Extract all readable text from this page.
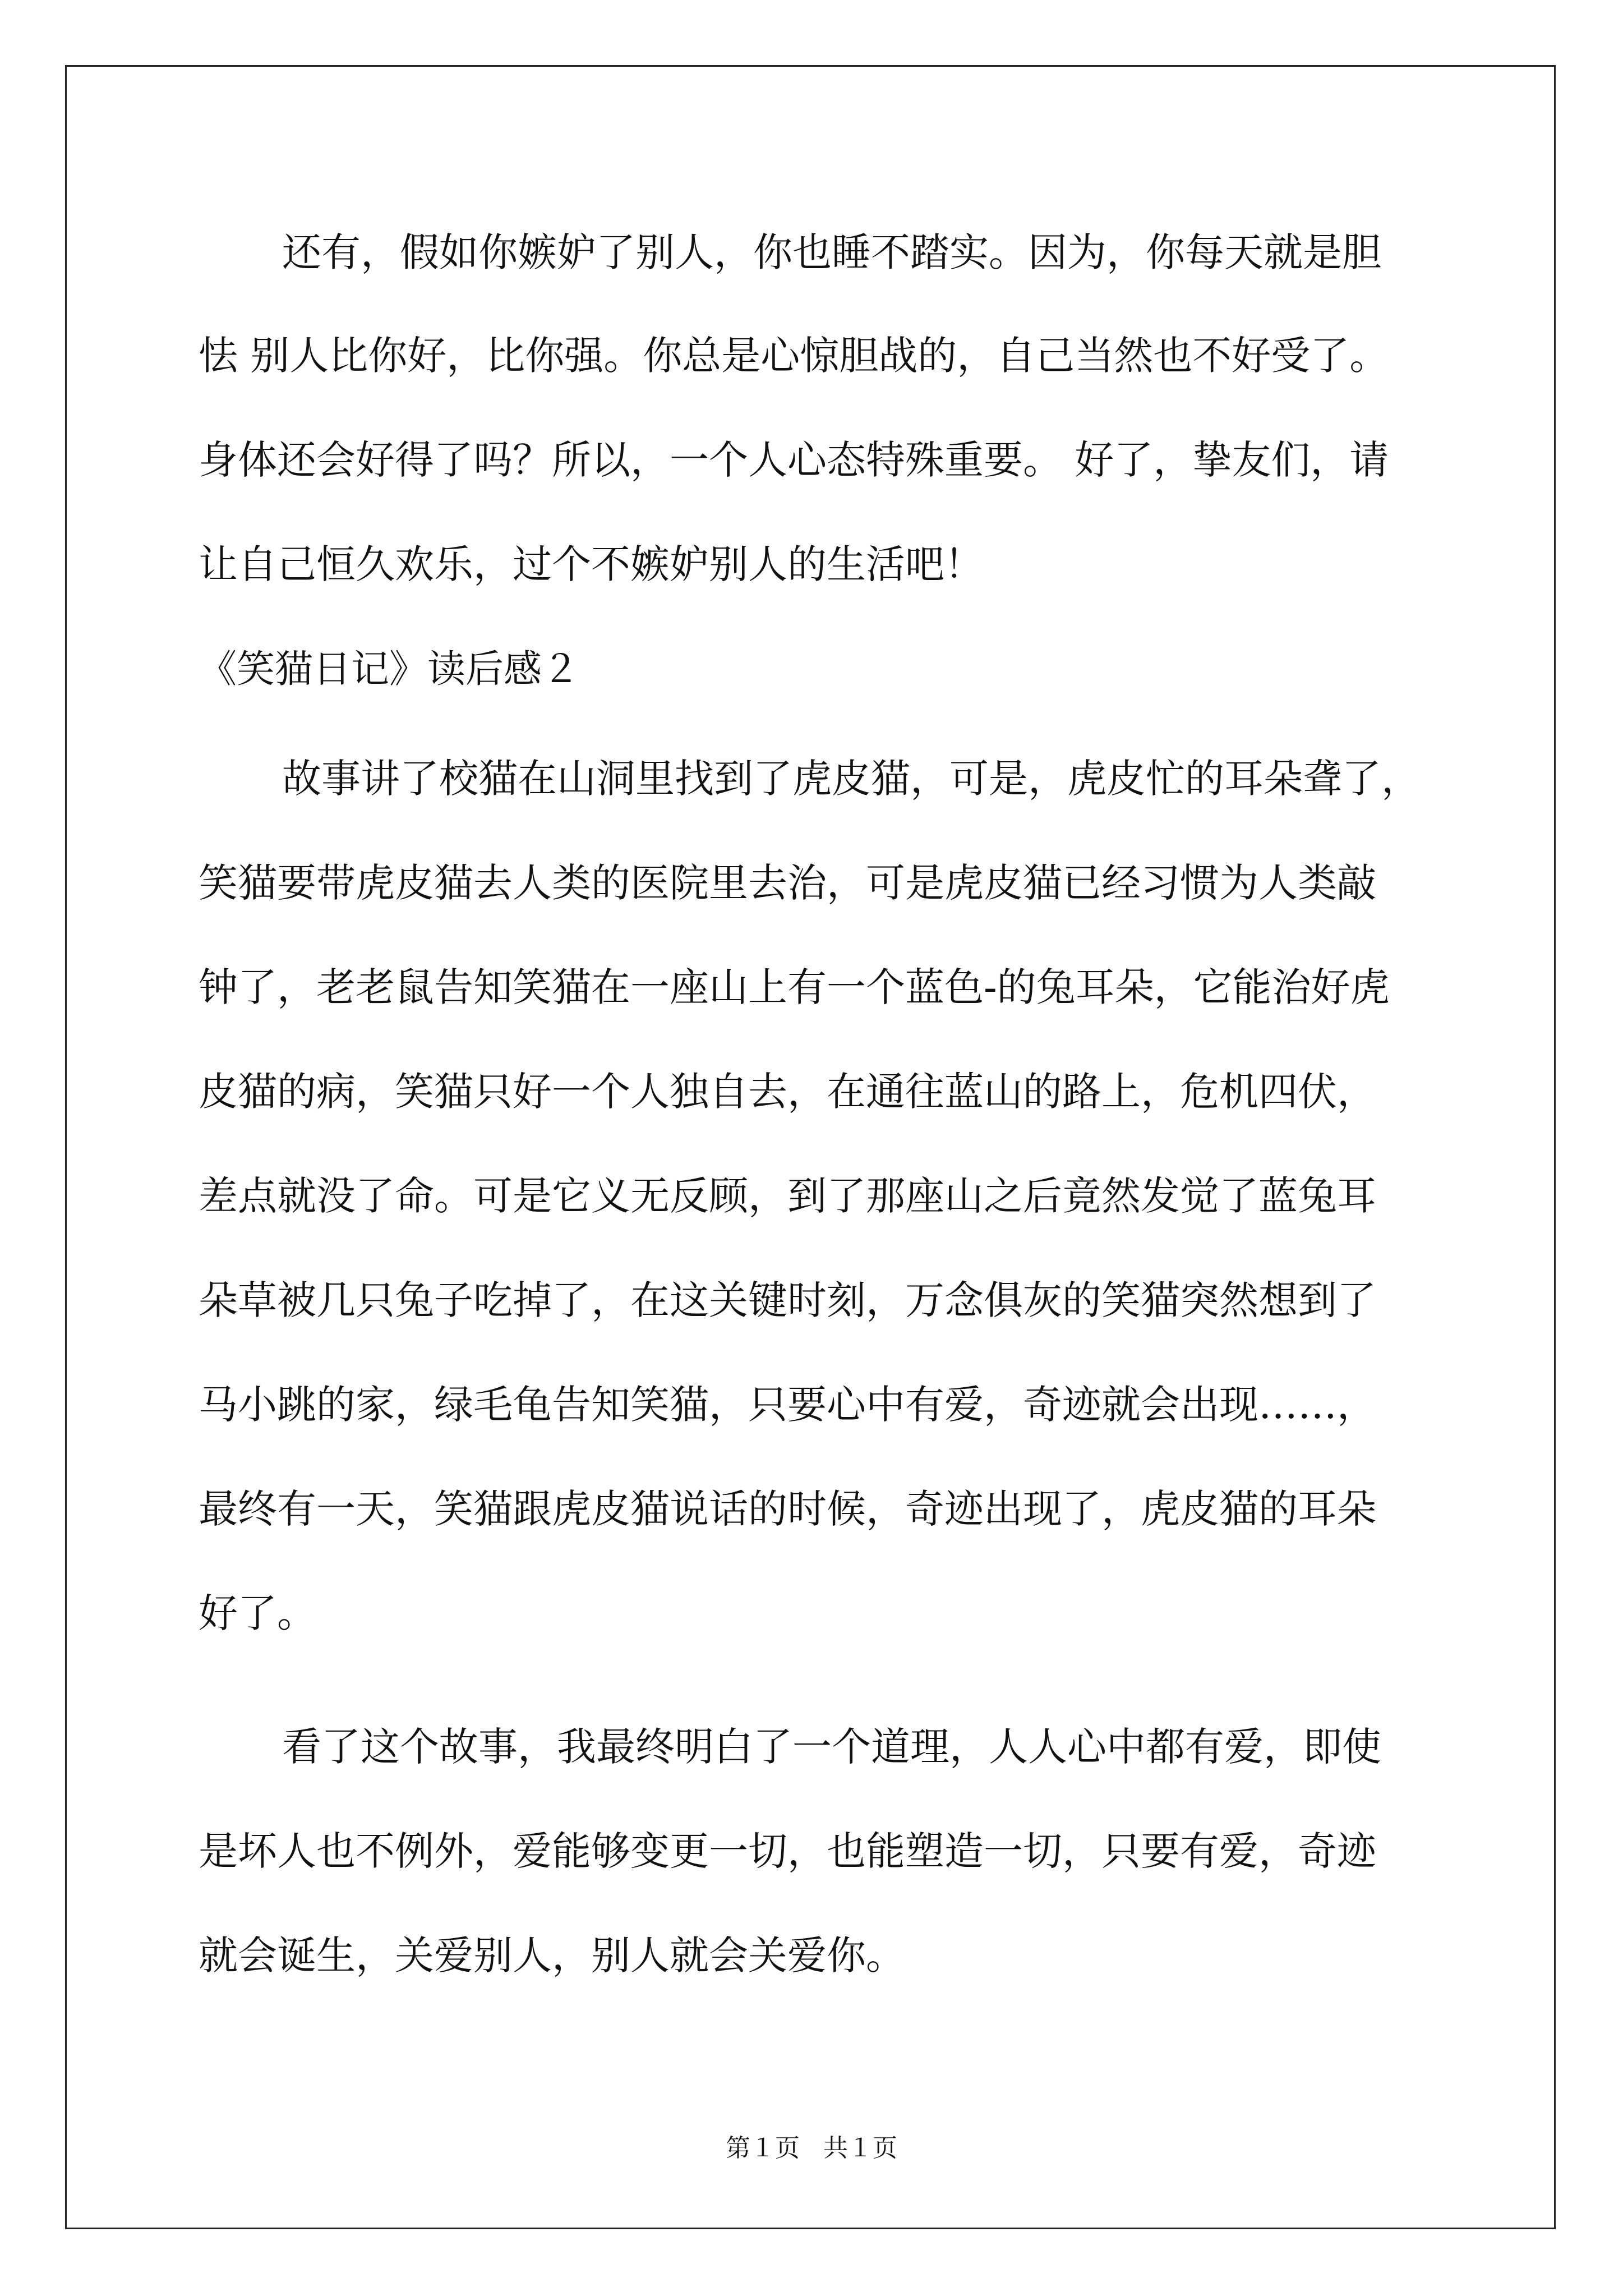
还有，假如你嫉妒了别人，你也睡不踏实。因为，你每天就是胆

怯 别人比你好，比你强。你总是心惊胆战的，自己当然也不好受了。

身体还会好得了吗？所以，一个人心态特殊重要。 好了，挚友们，请

让自己恒久欢乐，过个不嫉妒别人的生活吧！

《笑猫日记》读后感２

故事讲了校猫在山洞里找到了虎皮猫，可是，虎皮忙的耳朵聋了，

笑猫要带虎皮猫去人类的医院里去治，可是虎皮猫已经习惯为人类敲

钟了，老老鼠告知笑猫在一座山上有一个蓝色-的兔耳朵，它能治好虎

皮猫的病，笑猫只好一个人独自去，在通往蓝山的路上，危机四伏，

差点就没了命。可是它义无反顾，到了那座山之后竟然发觉了蓝兔耳

朵草被几只兔子吃掉了，在这关键时刻，万念俱灰的笑猫突然想到了

马小跳的家，绿毛龟告知笑猫，只要心中有爱，奇迹就会出现……，

最终有一天，笑猫跟虎皮猫说话的时候，奇迹出现了，虎皮猫的耳朵

好了。

看了这个故事，我最终明白了一个道理，人人心中都有爱，即使

是坏人也不例外，爱能够变更一切，也能塑造一切，只要有爱，奇迹

就会诞生，关爱别人，别人就会关爱你。

第１页   共１页
